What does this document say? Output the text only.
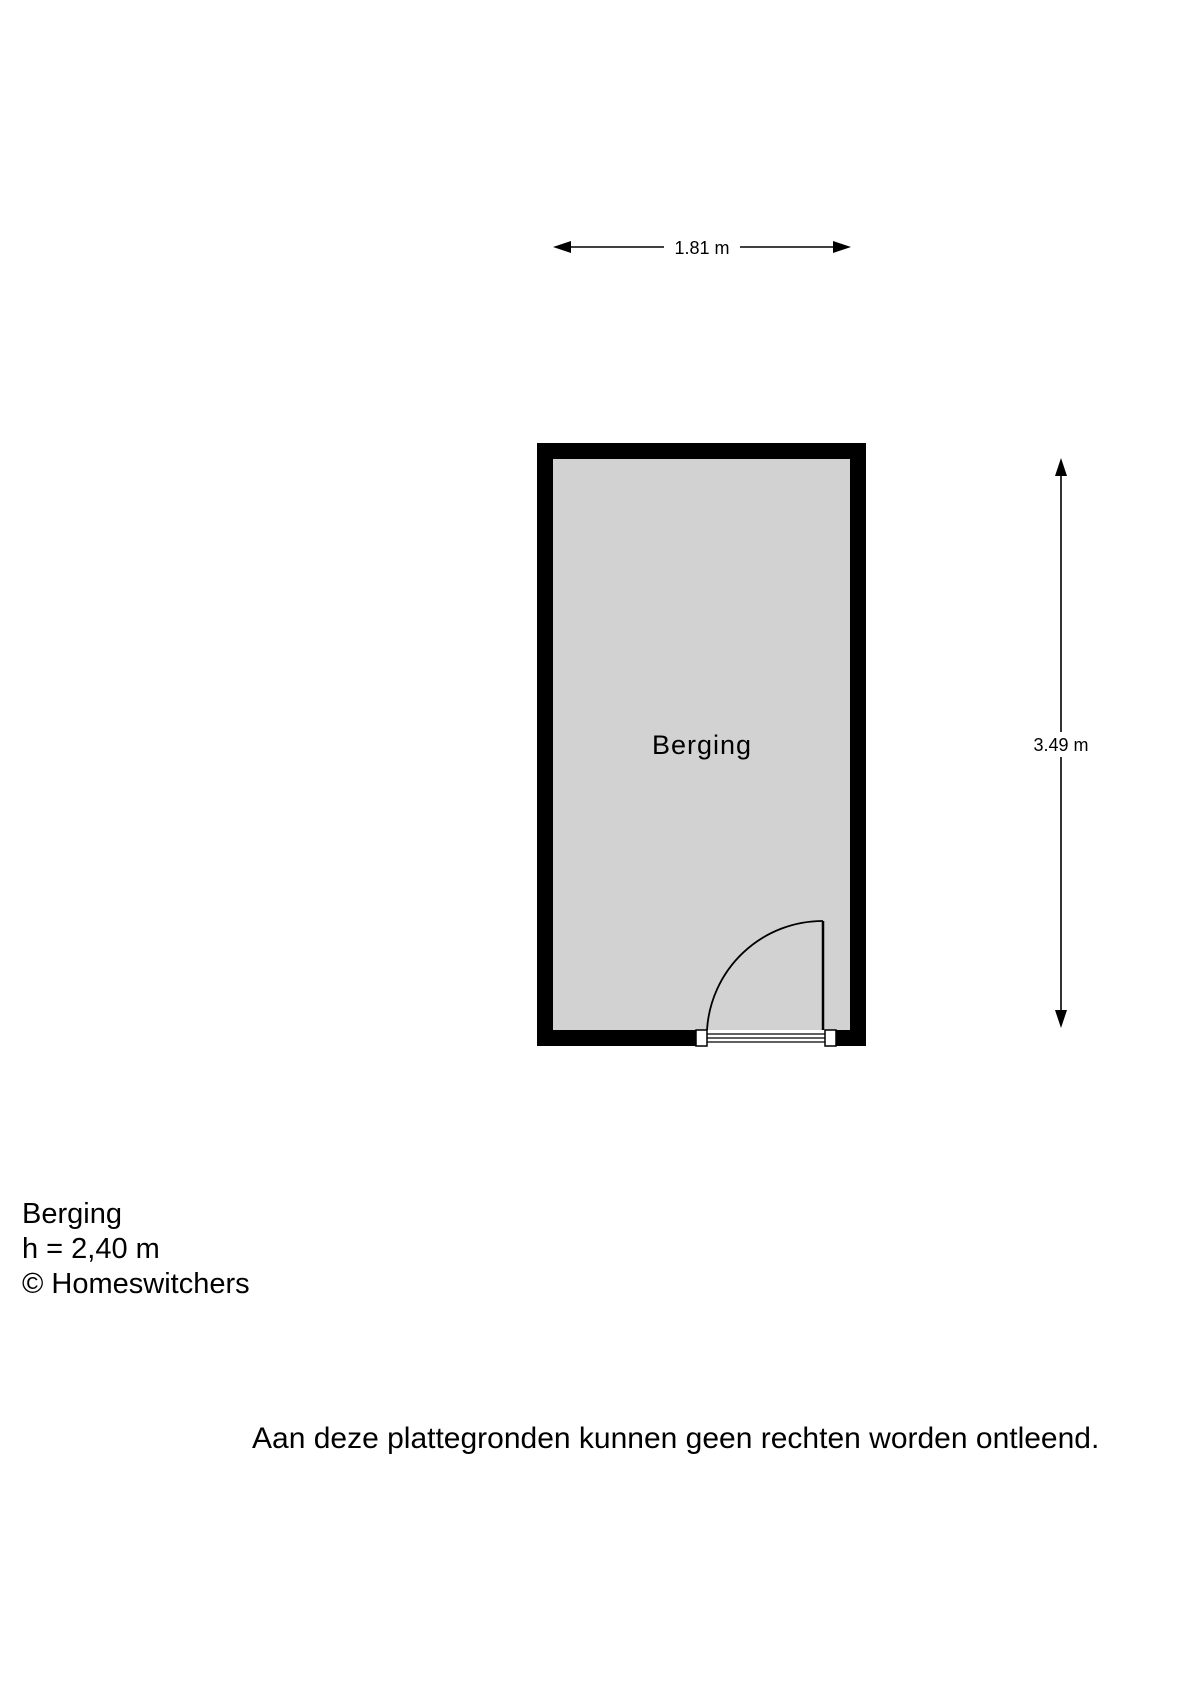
1.81 m
3.49 m
Berging
Berging
h = 2,40 m
© Homeswitchers
Aan deze plattegronden kunnen geen rechten worden ontleend.
